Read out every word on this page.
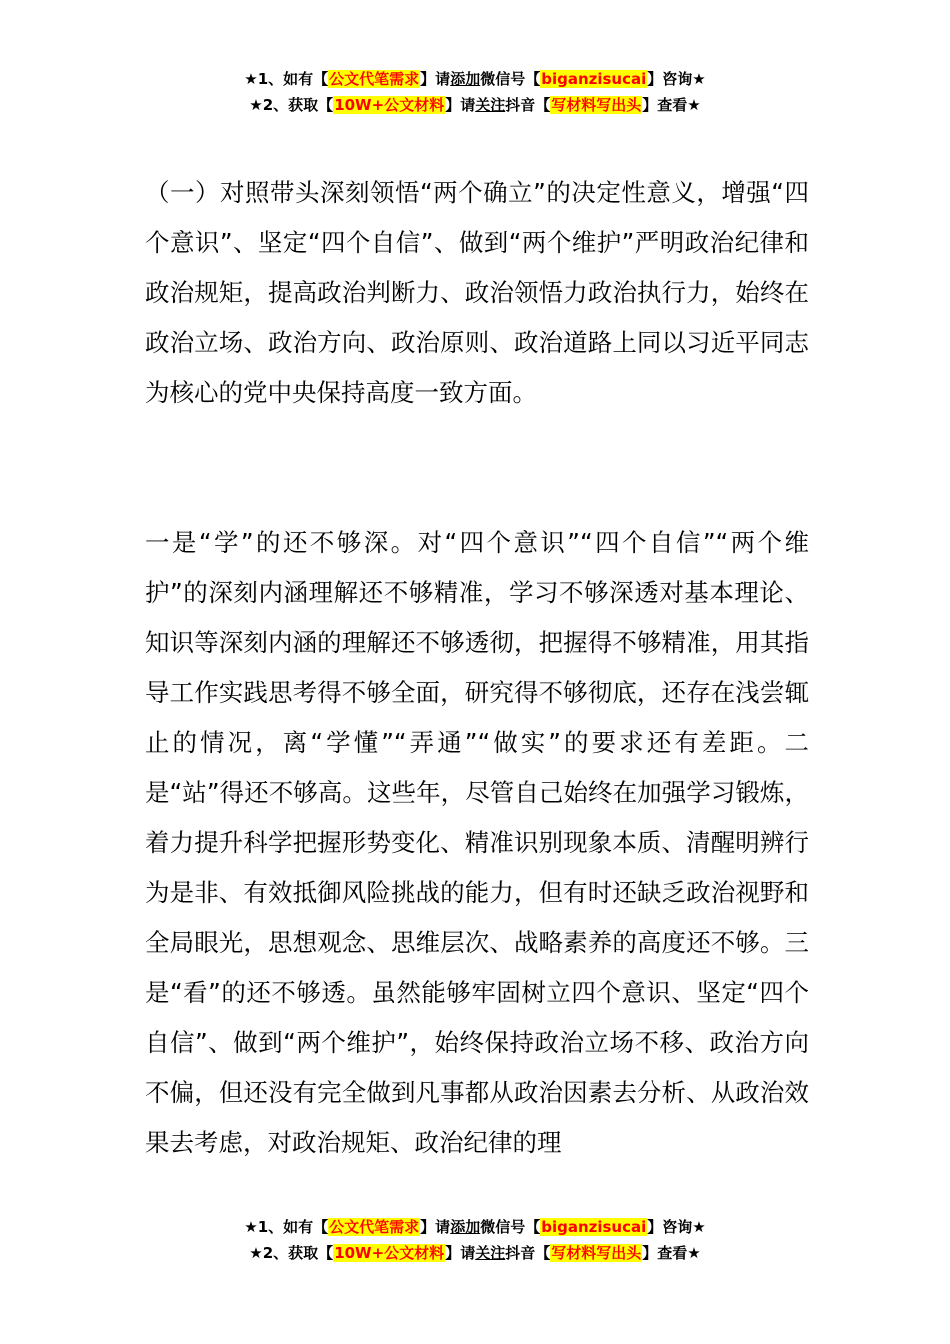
★1、如有【公文代笔需求】请添加微信号【biganzisucai】咨询★
★2、获取【10W+公文材料】请关注抖音【写材料写出头】查看★

（一）对照带头深刻领悟“两个确立”的决定性意义，增强“四个意识”、坚定“四个自信”、做到“两个维护”严明政治纪律和政治规矩，提高政治判断力、政治领悟力政治执行力，始终在政治立场、政治方向、政治原则、政治道路上同以习近平同志为核心的党中央保持高度一致方面。

一是“学”的还不够深。对“四个意识”“四个自信”“两个维护”的深刻内涵理解还不够精准，学习不够深透对基本理论、知识等深刻内涵的理解还不够透彻，把握得不够精准，用其指导工作实践思考得不够全面，研究得不够彻底，还存在浅尝辄止的情况，离“学懂”“弄通”“做实”的要求还有差距。二是“站”得还不够高。这些年，尽管自己始终在加强学习锻炼，着力提升科学把握形势变化、精准识别现象本质、清醒明辨行为是非、有效抵御风险挑战的能力，但有时还缺乏政治视野和全局眼光，思想观念、思维层次、战略素养的高度还不够。三是“看”的还不够透。虽然能够牢固树立四个意识、坚定“四个自信”、做到“两个维护”，始终保持政治立场不移、政治方向不偏，但还没有完全做到凡事都从政治因素去分析、从政治效果去考虑，对政治规矩、政治纪律的理

★1、如有【公文代笔需求】请添加微信号【biganzisucai】咨询★
★2、获取【10W+公文材料】请关注抖音【写材料写出头】查看★
